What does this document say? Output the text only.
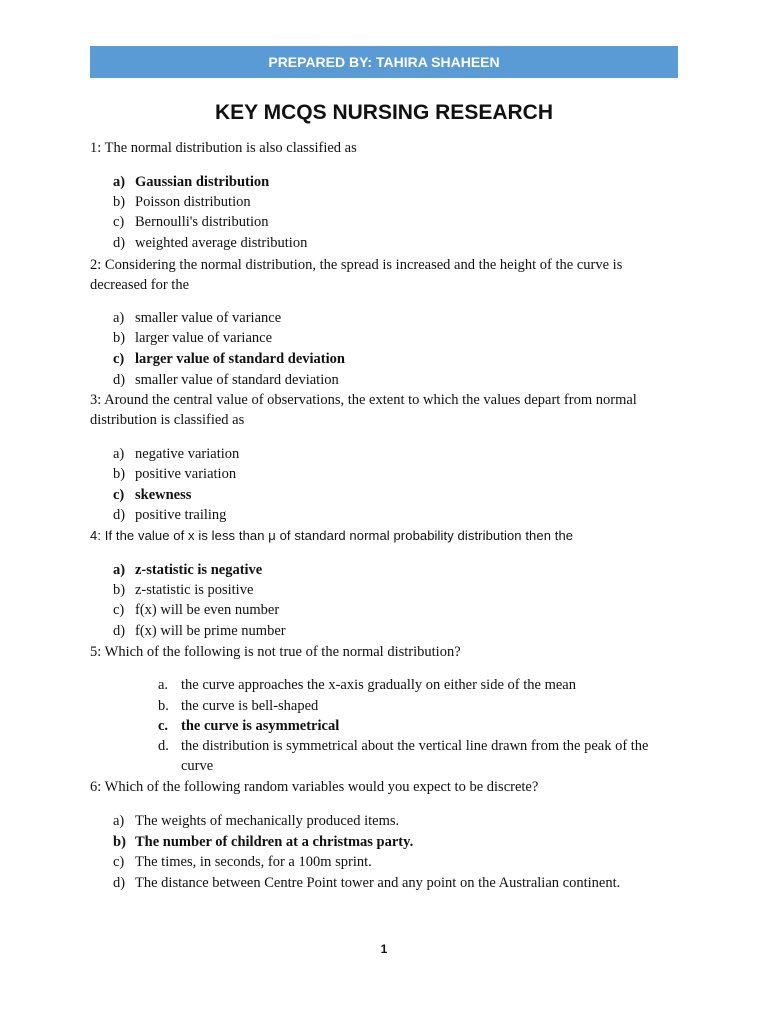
PREPARED BY: TAHIRA SHAHEEN
KEY MCQS NURSING RESEARCH
1: The normal distribution is also classified as
a) Gaussian distribution
b) Poisson distribution
c) Bernoulli's distribution
d) weighted average distribution
2: Considering the normal distribution, the spread is increased and the height of the curve is decreased for the
a) smaller value of variance
b) larger value of variance
c) larger value of standard deviation
d) smaller value of standard deviation
3: Around the central value of observations, the extent to which the values depart from normal distribution is classified as
a) negative variation
b) positive variation
c) skewness
d) positive trailing
4: If the value of x is less than μ of standard normal probability distribution then the
a) z-statistic is negative
b) z-statistic is positive
c) f(x) will be even number
d) f(x) will be prime number
5: Which of the following is not true of the normal distribution?
a. the curve approaches the x-axis gradually on either side of the mean
b. the curve is bell-shaped
c. the curve is asymmetrical
d. the distribution is symmetrical about the vertical line drawn from the peak of the curve
6: Which of the following random variables would you expect to be discrete?
a) The weights of mechanically produced items.
b) The number of children at a christmas party.
c) The times, in seconds, for a 100m sprint.
d) The distance between Centre Point tower and any point on the Australian continent.
1
